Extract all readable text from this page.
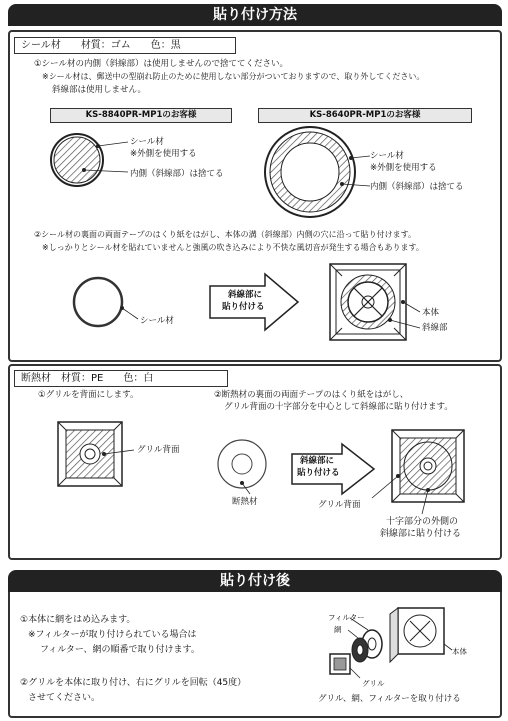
貼り付け方法
シール材　　材質：ゴム　　色：黒
①シール材の内側（斜線部）は使用しませんので捨ててください。
※シール材は、郵送中の型崩れ防止のために使用しない部分がついておりますので、取り外してください。
斜線部は使用しません。
KS-8840PR-MP1のお客様	KS-8640PR-MP1のお客様
シール材
※外側を使用する
内側（斜線部）は捨てる
シール材
※外側を使用する
内側（斜線部）は捨てる
②シール材の裏面の両面テープのはくり紙をはがし、本体の溝（斜線部）内側の穴に沿って貼り付けます。
※しっかりとシール材を貼れていませんと強風の吹き込みにより不快な風切音が発生する場合もあります。
シール材
斜線部に
貼り付ける
本体
斜線部
断熱材　材質：PE　　色：白
①グリルを背面にします。	②断熱材の裏面の両面テープのはくり紙をはがし、
グリル背面の十字部分を中心として斜線部に貼り付けます。
グリル背面
断熱材
斜線部に
貼り付ける
グリル背面
十字部分の外側の
斜線部に貼り付ける
貼り付け後
①本体に網をはめ込みます。
※フィルターが取り付けられている場合は
フィルター、網の順番で取り付けます。
②グリルを本体に取り付け、右にグリルを回転（45度）
させてください。
フィルター
網
本体
グリル
グリル、網、フィルターを取り付ける
